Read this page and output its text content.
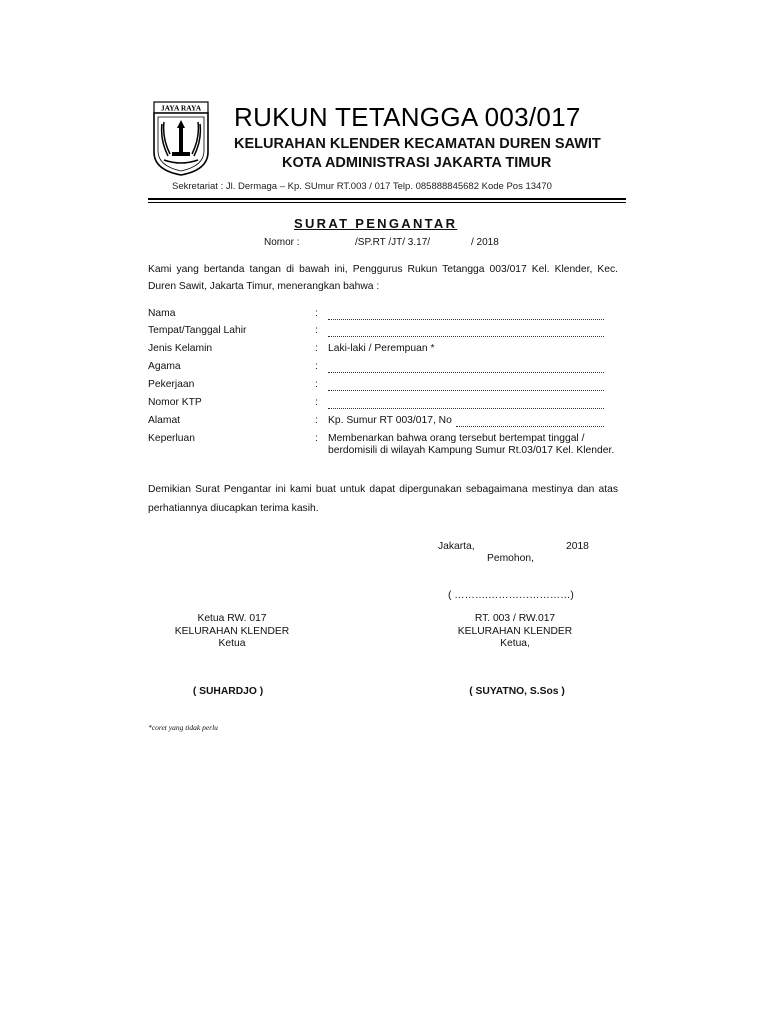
JAYA RAYA RUKUN TETANGGA 003/017
KELURAHAN KLENDER KECAMATAN DUREN SAWIT
KOTA ADMINISTRASI JAKARTA TIMUR
Sekretariat : Jl. Dermaga – Kp. SUmur RT.003 / 017 Telp. 085888845682 Kode Pos 13470
SURAT PENGANTAR
Nomor :	/SP.RT /JT/ 3.17/	/ 2018
Kami yang bertanda tangan di bawah ini, Penggurus Rukun Tetangga 003/017 Kel. Klender, Kec. Duren Sawit, Jakarta Timur, menerangkan bahwa :
Nama	:
Tempat/Tanggal Lahir	:
Jenis Kelamin	: Laki-laki / Perempuan *
Agama	:
Pekerjaan	:
Nomor KTP	:
Alamat	: Kp. Sumur RT 003/017, No
Keperluan	: Membenarkan bahwa orang tersebut bertempat tinggal / berdomisili di wilayah Kampung Sumur Rt.03/017 Kel. Klender.
Demikian Surat Pengantar ini kami buat untuk dapat dipergunakan sebagaimana mestinya dan atas perhatiannya diucapkan terima kasih.
Jakarta,	2018
Pemohon,
( ……….……………………)
Ketua RW. 017
KELURAHAN KLENDER
Ketua
( SUHARDJO )
RT. 003 / RW.017
KELURAHAN KLENDER
Ketua,
( SUYATNO, S.Sos )
*coret yang tidak perlu
